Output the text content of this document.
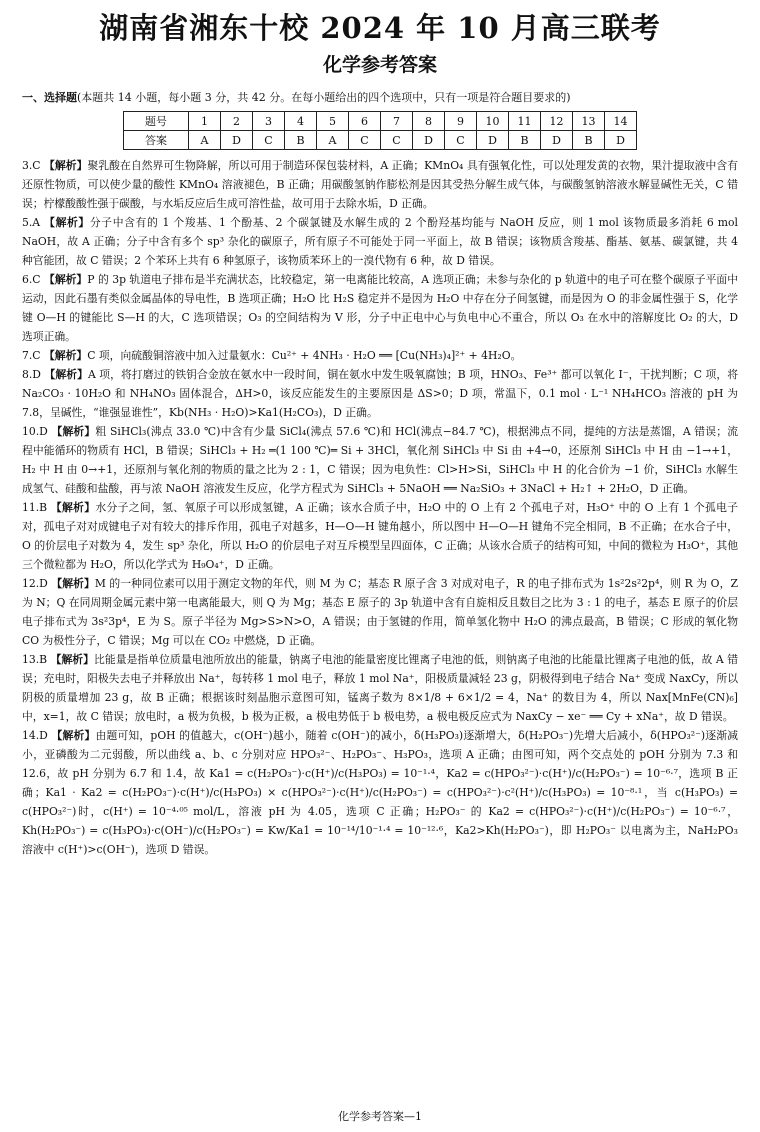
湖南省湘东十校 2024 年 10 月高三联考
化学参考答案
一、选择题(本题共 14 小题，每小题 3 分，共 42 分。在每小题给出的四个选项中，只有一项是符合题目要求的)
题号	1	2	3	4	5	6	7	8	9	10	11	12	13	14
答案	A	D	C	B	A	C	C	D	C	D	B	D	B	D

3.C 【解析】聚乳酸在自然界可生物降解，所以可用于制造环保包装材料，A 正确；KMnO₄ 具有强氧化性，可以处理发黄的衣物，果汁提取液中含有还原性物质，可以使少量的酸性 KMnO₄ 溶液褪色，B 正确；用碳酸氢钠作膨松剂是因其受热分解生成气体，与碳酸氢钠溶液水解显碱性无关，C 错误；柠檬酸酸性强于碳酸，与水垢反应后生成可溶性盐，故可用于去除水垢，D 正确。

5.A 【解析】分子中含有的 1 个羧基、1 个酚基、2 个碳氯键及水解生成的 2 个酚羟基均能与 NaOH 反应，则 1 mol 该物质最多消耗 6 mol NaOH，故 A 正确；分子中含有多个 sp³ 杂化的碳原子，所有原子不可能处于同一平面上，故 B 错误；该物质含羧基、酯基、氨基、碳氯键，共 4 种官能团，故 C 错误；2 个苯环上共有 6 种氢原子，该物质苯环上的一溴代物有 6 种，故 D 错误。

6.C 【解析】P 的 3p 轨道电子排布是半充满状态，比较稳定，第一电离能比较高，A 选项正确；未参与杂化的 p 轨道中的电子可在整个碳原子平面中运动，因此石墨有类似金属晶体的导电性，B 选项正确；H₂O 比 H₂S 稳定并不是因为 H₂O 中存在分子间氢键，而是因为 O 的非金属性强于 S，化学键 O—H 的键能比 S—H 的大，C 选项错误；O₃ 的空间结构为 V 形，分子中正电中心与负电中心不重合，所以 O₃ 在水中的溶解度比 O₂ 的大，D 选项正确。

7.C 【解析】C 项，向硫酸铜溶液中加入过量氨水：Cu²⁺ + 4NH₃ · H₂O ══ [Cu(NH₃)₄]²⁺ + 4H₂O。

8.D 【解析】A 项，将打磨过的铁钥合金放在氨水中一段时间，铜在氨水中发生吸氧腐蚀；B 项，HNO₃、Fe³⁺ 都可以氧化 I⁻，干扰判断；C 项，将 Na₂CO₃ · 10H₂O 和 NH₄NO₃ 固体混合，ΔH>0，该反应能发生的主要原因是 ΔS>0；D 项，常温下，0.1 mol · L⁻¹ NH₄HCO₃ 溶液的 pH 为 7.8，呈碱性，“谁强显谁性”，Kb(NH₃ · H₂O)>Ka1(H₂CO₃)，D 正确。

10.D 【解析】粗 SiHCl₃(沸点 33.0 ℃)中含有少量 SiCl₄(沸点 57.6 ℃)和 HCl(沸点−84.7 ℃)，根据沸点不同，提纯的方法是蒸馏，A 错误；流程中能循环的物质有 HCl，B 错误；SiHCl₃ + H₂ ═(1 100 ℃)═ Si + 3HCl，氧化剂 SiHCl₃ 中 Si 由 +4→0，还原剂 SiHCl₃ 中 H 由 −1→+1，H₂ 中 H 由 0→+1，还原剂与氧化剂的物质的量之比为 2 : 1，C 错误；因为电负性：Cl>H>Si，SiHCl₃ 中 H 的化合价为 −1 价，SiHCl₃ 水解生成氢气、硅酸和盐酸，再与浓 NaOH 溶液发生反应，化学方程式为 SiHCl₃ + 5NaOH ══ Na₂SiO₃ + 3NaCl + H₂↑ + 2H₂O，D 正确。

11.B 【解析】水分子之间，氢、氧原子可以形成氢键，A 正确；该水合质子中，H₂O 中的 O 上有 2 个孤电子对，H₃O⁺ 中的 O 上有 1 个孤电子对，孤电子对对成键电子对有较大的排斥作用，孤电子对越多，H—O—H 键角越小，所以图中 H—O—H 键角不完全相同，B 不正确；在水合子中，O 的价层电子对数为 4，发生 sp³ 杂化，所以 H₂O 的价层电子对互斥模型呈四面体，C 正确；从该水合质子的结构可知，中间的微粒为 H₃O⁺，其他三个微粒都为 H₂O，所以化学式为 H₉O₄⁺，D 正确。

12.D 【解析】M 的一种同位素可以用于测定文物的年代，则 M 为 C；基态 R 原子含 3 对成对电子，R 的电子排布式为 1s²2s²2p⁴，则 R 为 O，Z 为 N；Q 在同周期金属元素中第一电离能最大，则 Q 为 Mg；基态 E 原子的 3p 轨道中含有自旋相反且数目之比为 3 : 1 的电子，基态 E 原子的价层电子排布式为 3s²3p⁴，E 为 S。原子半径为 Mg>S>N>O，A 错误；由于氢键的作用，简单氢化物中 H₂O 的沸点最高，B 错误；C 形成的氧化物 CO 为极性分子，C 错误；Mg 可以在 CO₂ 中燃烧，D 正确。

13.B 【解析】比能量是指单位质量电池所放出的能量，钠离子电池的能量密度比锂离子电池的低，则钠离子电池的比能量比锂离子电池的低，故 A 错误；充电时，阳极失去电子并释放出 Na⁺，每转移 1 mol 电子，释放 1 mol Na⁺，阳极质量减轻 23 g，阴极得到电子结合 Na⁺ 变成 NaxCy，所以阴极的质量增加 23 g，故 B 正确；根据该时刻晶胞示意图可知，锰离子数为 8×1/8 + 6×1/2 = 4，Na⁺ 的数目为 4，所以 Nax[MnFe(CN)₆] 中，x=1，故 C 错误；放电时，a 极为负极，b 极为正极，a 极电势低于 b 极电势，a 极电极反应式为 NaxCy − xe⁻ ══ Cy + xNa⁺，故 D 错误。

14.D 【解析】由题可知，pOH 的值越大，c(OH⁻)越小，随着 c(OH⁻)的减小，δ(H₃PO₃)逐渐增大，δ(H₂PO₃⁻)先增大后减小，δ(HPO₃²⁻)逐渐减小，亚磷酸为二元弱酸，所以曲线 a、b、c 分别对应 HPO₃²⁻、H₂PO₃⁻、H₃PO₃，选项 A 正确；由图可知，两个交点处的 pOH 分别为 7.3 和 12.6，故 pH 分别为 6.7 和 1.4，故 Ka1 = c(H₂PO₃⁻)·c(H⁺)/c(H₃PO₃) = 10⁻¹·⁴，Ka2 = c(HPO₃²⁻)·c(H⁺)/c(H₂PO₃⁻) = 10⁻⁶·⁷，选项 B 正确；Ka1 · Ka2 = c(H₂PO₃⁻)·c(H⁺)/c(H₃PO₃) × c(HPO₃²⁻)·c(H⁺)/c(H₂PO₃⁻) = c(HPO₃²⁻)·c²(H⁺)/c(H₃PO₃) = 10⁻⁸·¹，当 c(H₃PO₃) = c(HPO₃²⁻)时，c(H⁺) = 10⁻⁴·⁰⁵ mol/L，溶液 pH 为 4.05，选项 C 正确；H₂PO₃⁻ 的 Ka2 = c(HPO₃²⁻)·c(H⁺)/c(H₂PO₃⁻) = 10⁻⁶·⁷，Kh(H₂PO₃⁻) = c(H₃PO₃)·c(OH⁻)/c(H₂PO₃⁻) = Kw/Ka1 = 10⁻¹⁴/10⁻¹·⁴ = 10⁻¹²·⁶，Ka2>Kh(H₂PO₃⁻)，即 H₂PO₃⁻ 以电离为主，NaH₂PO₃ 溶液中 c(H⁺)>c(OH⁻)，选项 D 错误。

化学参考答案—1
